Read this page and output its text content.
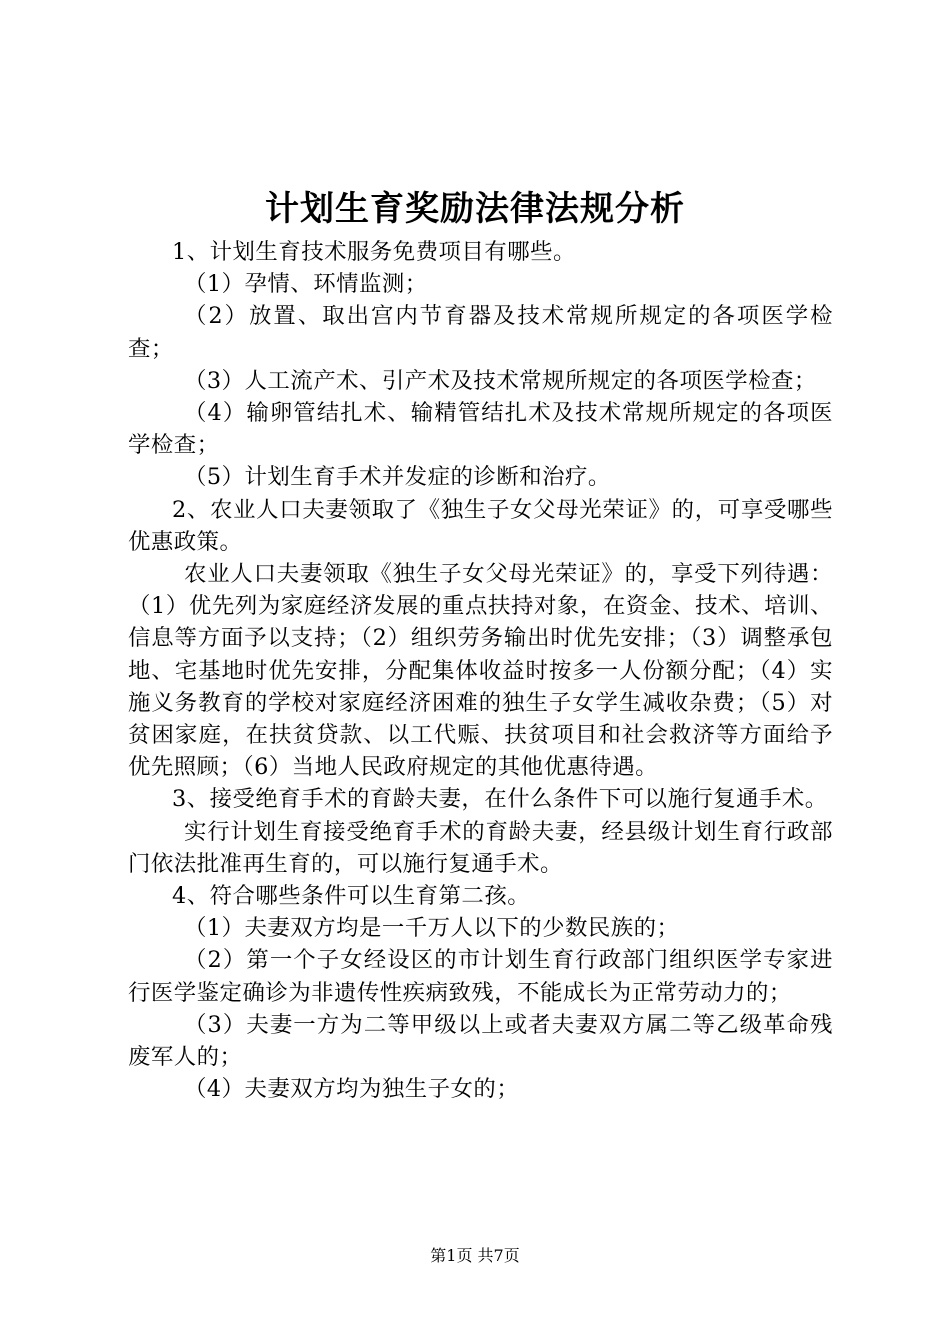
计划生育奖励法律法规分析

1、计划生育技术服务免费项目有哪些。

（1）孕情、环情监测；

（2）放置、取出宫内节育器及技术常规所规定的各项医学检查；

（3）人工流产术、引产术及技术常规所规定的各项医学检查；

（4）输卵管结扎术、输精管结扎术及技术常规所规定的各项医学检查；

（5）计划生育手术并发症的诊断和治疗。

2、农业人口夫妻领取了《独生子女父母光荣证》的，可享受哪些优惠政策。

农业人口夫妻领取《独生子女父母光荣证》的，享受下列待遇：（1）优先列为家庭经济发展的重点扶持对象，在资金、技术、培训、信息等方面予以支持；（2）组织劳务输出时优先安排；（3）调整承包地、宅基地时优先安排，分配集体收益时按多一人份额分配；（4）实施义务教育的学校对家庭经济困难的独生子女学生减收杂费；（5）对贫困家庭，在扶贫贷款、以工代赈、扶贫项目和社会救济等方面给予优先照顾；（6）当地人民政府规定的其他优惠待遇。

3、接受绝育手术的育龄夫妻，在什么条件下可以施行复通手术。

实行计划生育接受绝育手术的育龄夫妻，经县级计划生育行政部门依法批准再生育的，可以施行复通手术。

4、符合哪些条件可以生育第二孩。

（1）夫妻双方均是一千万人以下的少数民族的；

（2）第一个子女经设区的市计划生育行政部门组织医学专家进行医学鉴定确诊为非遗传性疾病致残，不能成长为正常劳动力的；

（3）夫妻一方为二等甲级以上或者夫妻双方属二等乙级革命残废军人的；

（4）夫妻双方均为独生子女的；

第1页 共7页
